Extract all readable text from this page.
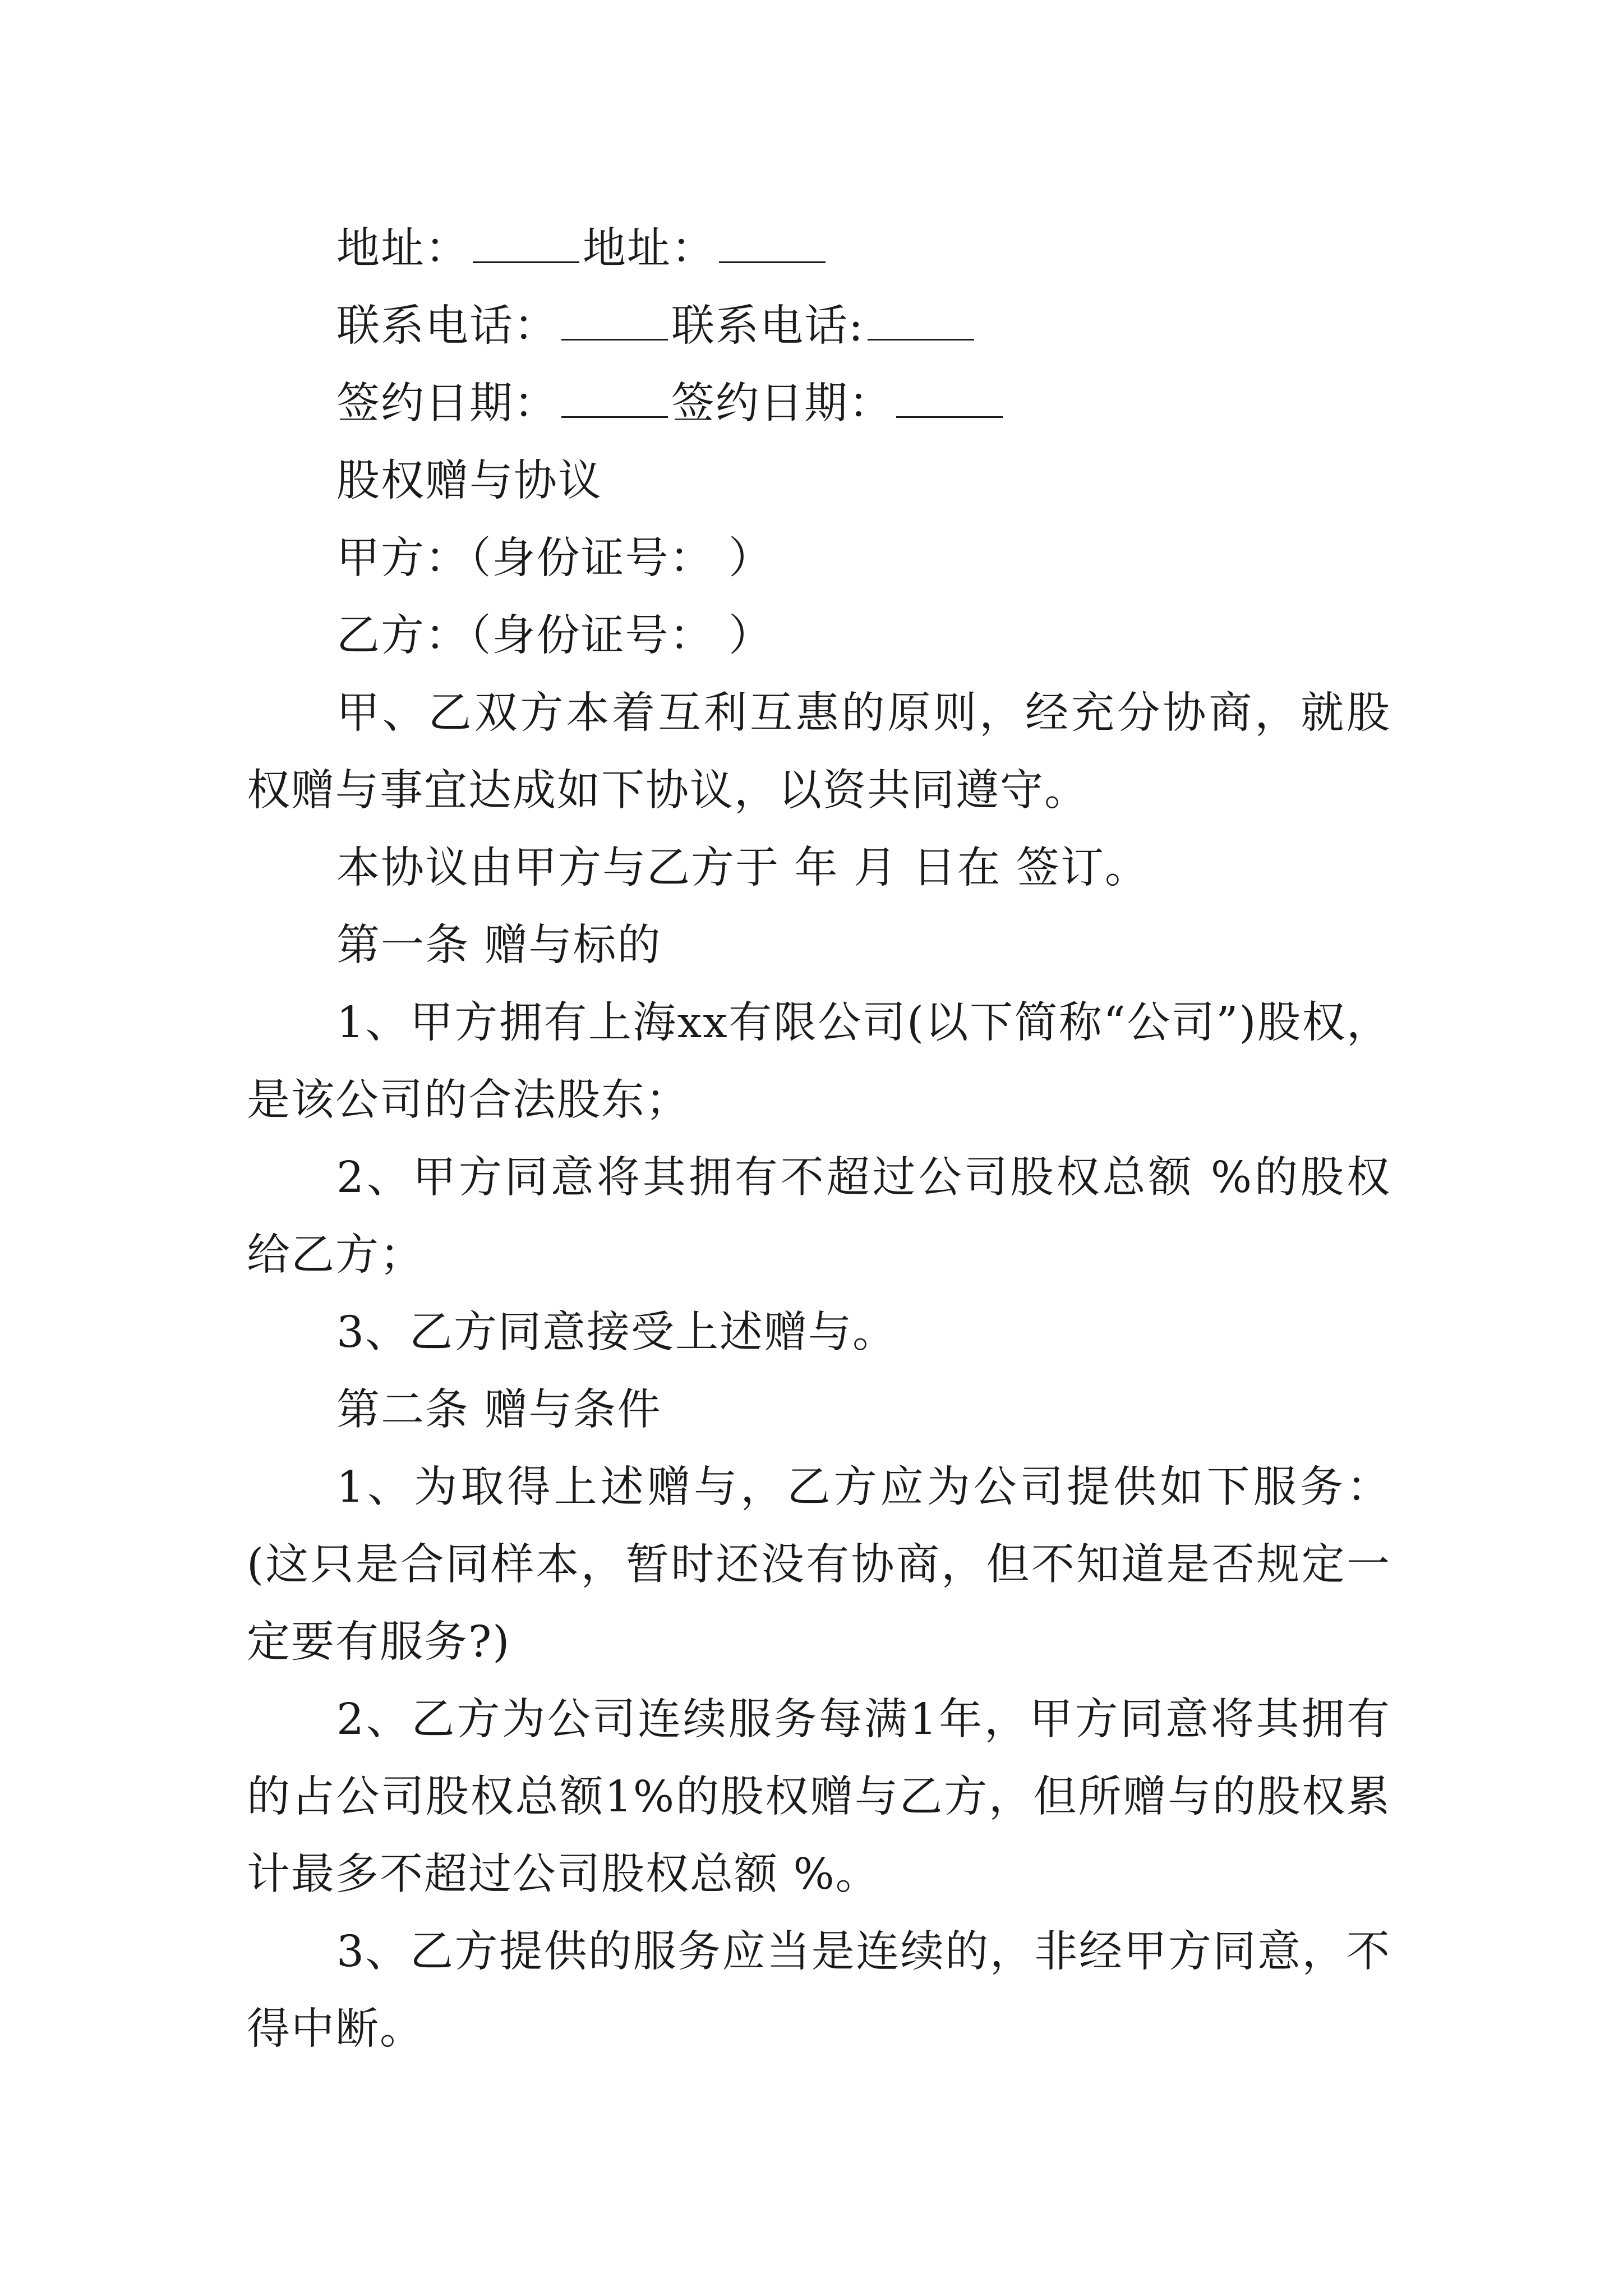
地址：	地址：

联系电话：	联系电话:

签约日期：	签约日期：

股权赠与协议

甲方：（身份证号： ）

乙方：（身份证号： ）

甲、乙双方本着互利互惠的原则，经充分协商，就股权赠与事宜达成如下协议，以资共同遵守。

本协议由甲方与乙方于 年 月 日在 签订。

第一条 赠与标的

1、甲方拥有上海xx有限公司(以下简称“公司”)股权，是该公司的合法股东；

2、甲方同意将其拥有不超过公司股权总额 %的股权给乙方；

3、乙方同意接受上述赠与。

第二条 赠与条件

1、为取得上述赠与，乙方应为公司提供如下服务：(这只是合同样本，暂时还没有协商，但不知道是否规定一定要有服务?)

2、乙方为公司连续服务每满1年，甲方同意将其拥有的占公司股权总额1%的股权赠与乙方，但所赠与的股权累计最多不超过公司股权总额 %。

3、乙方提供的服务应当是连续的，非经甲方同意，不得中断。
